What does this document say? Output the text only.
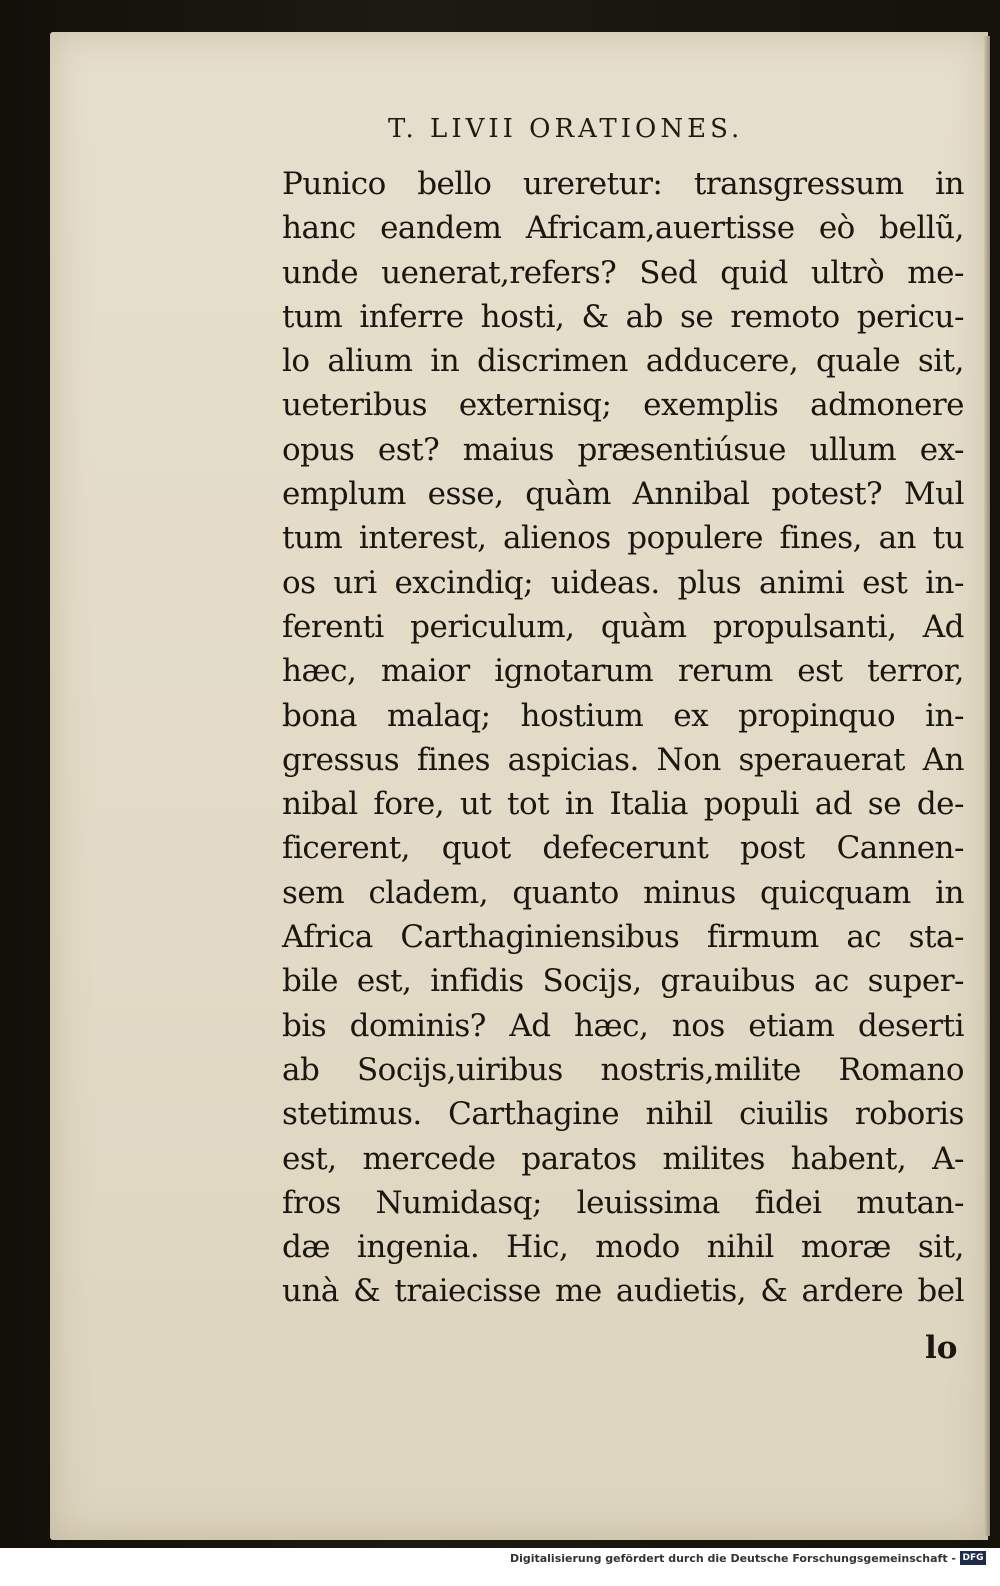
T. LIVII ORATIONES.
Punico bello ureretur: transgressum in
hanc eandem Africam,auertisse eò bellũ,
unde uenerat,refers? Sed quid ultrò me-
tum inferre hosti, & ab se remoto pericu-
lo alium in discrimen adducere, quale sit,
ueteribus externisq; exemplis admonere
opus est? maius præsentiúsue ullum ex-
emplum esse, quàm Annibal potest? Mul
tum interest, alienos populere fines, an tu
os uri excindiq; uideas. plus animi est in-
ferenti periculum, quàm propulsanti, Ad
hæc, maior ignotarum rerum est terror,
bona malaq; hostium ex propinquo in-
gressus fines aspicias. Non sperauerat An
nibal fore, ut tot in Italia populi ad se de-
ficerent, quot defecerunt post Cannen-
sem cladem, quanto minus quicquam in
Africa Carthaginiensibus firmum ac sta-
bile est, infidis Socijs, grauibus ac super-
bis dominis? Ad hæc, nos etiam deserti
ab Socijs,uiribus nostris,milite Romano
stetimus. Carthagine nihil ciuilis roboris
est, mercede paratos milites habent, A-
fros Numidasq; leuissima fidei mutan-
dæ ingenia. Hic, modo nihil moræ sit,
unà & traiecisse me audietis, & ardere bel
lo
Digitalisierung gefördert durch die Deutsche Forschungsgemeinschaft - DFG
